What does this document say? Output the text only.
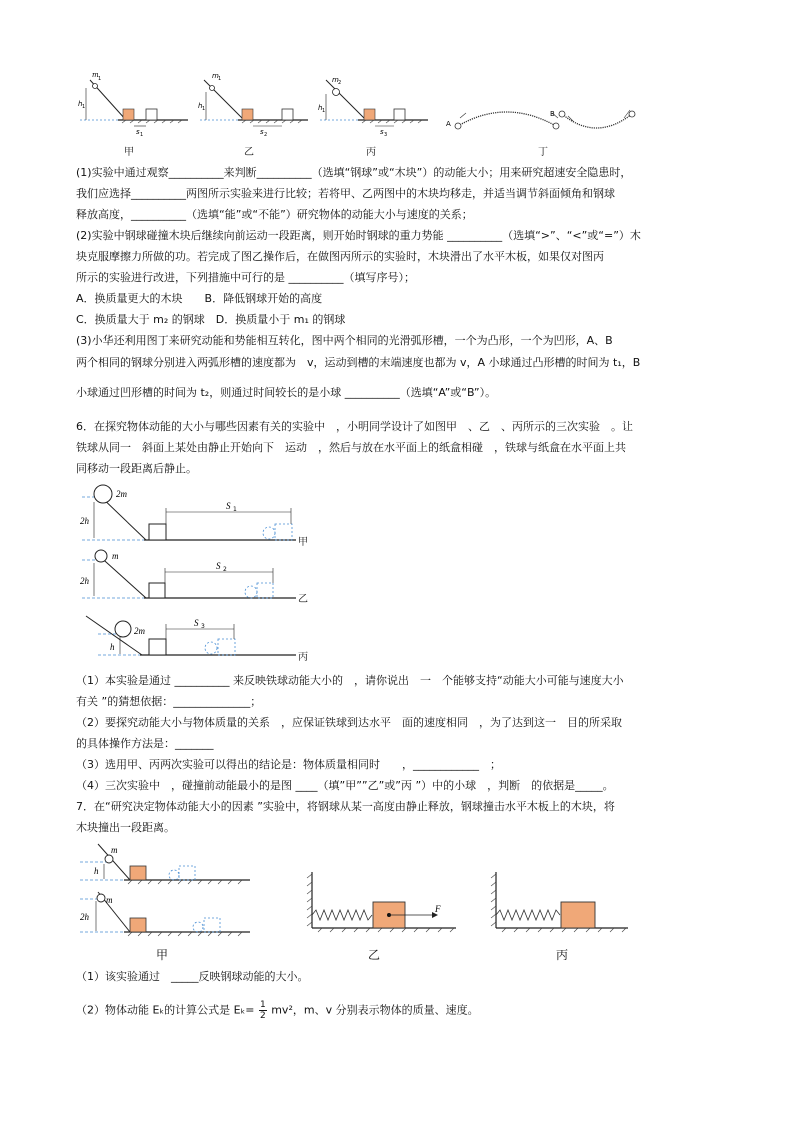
m 1
h 1
s 1
甲
m 1
h 1
s 2
乙
m 2
h 1
s 3
丙
A
B
丁
(1)实验中通过观察__________来判断__________（选填“钢球”或“木块”）的动能大小；用来研究超速安全隐患时，
我们应选择__________两图所示实验来进行比较；若将甲、乙两图中的木块均移走，并适当调节斜面倾角和钢球
释放高度，__________（选填“能”或“不能”）研究物体的动能大小与速度的关系；
(2)实验中钢球碰撞木块后继续向前运动一段距离，则开始时钢球的重力势能 __________（选填“>”、“<”或“=”）木
块克服摩擦力所做的功。若完成了图乙操作后，在做图丙所示的实验时，木块滑出了水平木板，如果仅对图丙
所示的实验进行改进，下列措施中可行的是 __________（填写序号）；
A．换质量更大的木块　　B．降低钢球开始的高度
C．换质量大于 m₂ 的钢球　D．换质量小于 m₁ 的钢球
(3)小华还利用图丁来研究动能和势能相互转化，图中两个相同的光滑弧形槽，一个为凸形，一个为凹形，A、B
两个相同的钢球分别进入两弧形槽的速度都为　v，运动到槽的末端速度也都为 v，A 小球通过凸形槽的时间为 t₁，B
小球通过凹形槽的时间为 t₂，则通过时间较长的是小球 __________（选填“A”或“B”）。
6．在探究物体动能的大小与哪些因素有关的实验中　，小明同学设计了如图甲　、乙　、丙所示的三次实验　。让
铁球从同一　斜面上某处由静止开始向下　运动　，然后与放在水平面上的纸盒相碰　，铁球与纸盒在水平面上共
同移动一段距离后静止。
2m
2h
S 1
甲
m
2h
S 2
乙
2m
h
S 3
丙
（1）本实验是通过 __________ 来反映铁球动能大小的　，请你说出　一　个能够支持“动能大小可能与速度大小
有关 ”的猜想依据：______________；
（2）要探究动能大小与物体质量的关系　，应保证铁球到达水平　面的速度相同　，为了达到这一　目的所采取
的具体操作方法是：_______
（3）选用甲、丙两次实验可以得出的结论是：物体质量相同时　　，____________　；
（4）三次实验中　，碰撞前动能最小的是图 ____（填”甲””乙”或”丙 ”）中的小球　，判断　的依据是_____。
7．在“研究决定物体动能大小的因素 ”实验中，将钢球从某一高度由静止释放，钢球撞击水平木板上的木块，将
木块撞出一段距离。
m
h
m
2h
甲
F
乙	丙
（1）该实验通过　_____反映钢球动能的大小。
（2）物体动能 Eₖ的计算公式是 $E_k= \frac{1}{2} mv^2$，m、v 分别表示物体的质量、速度。
